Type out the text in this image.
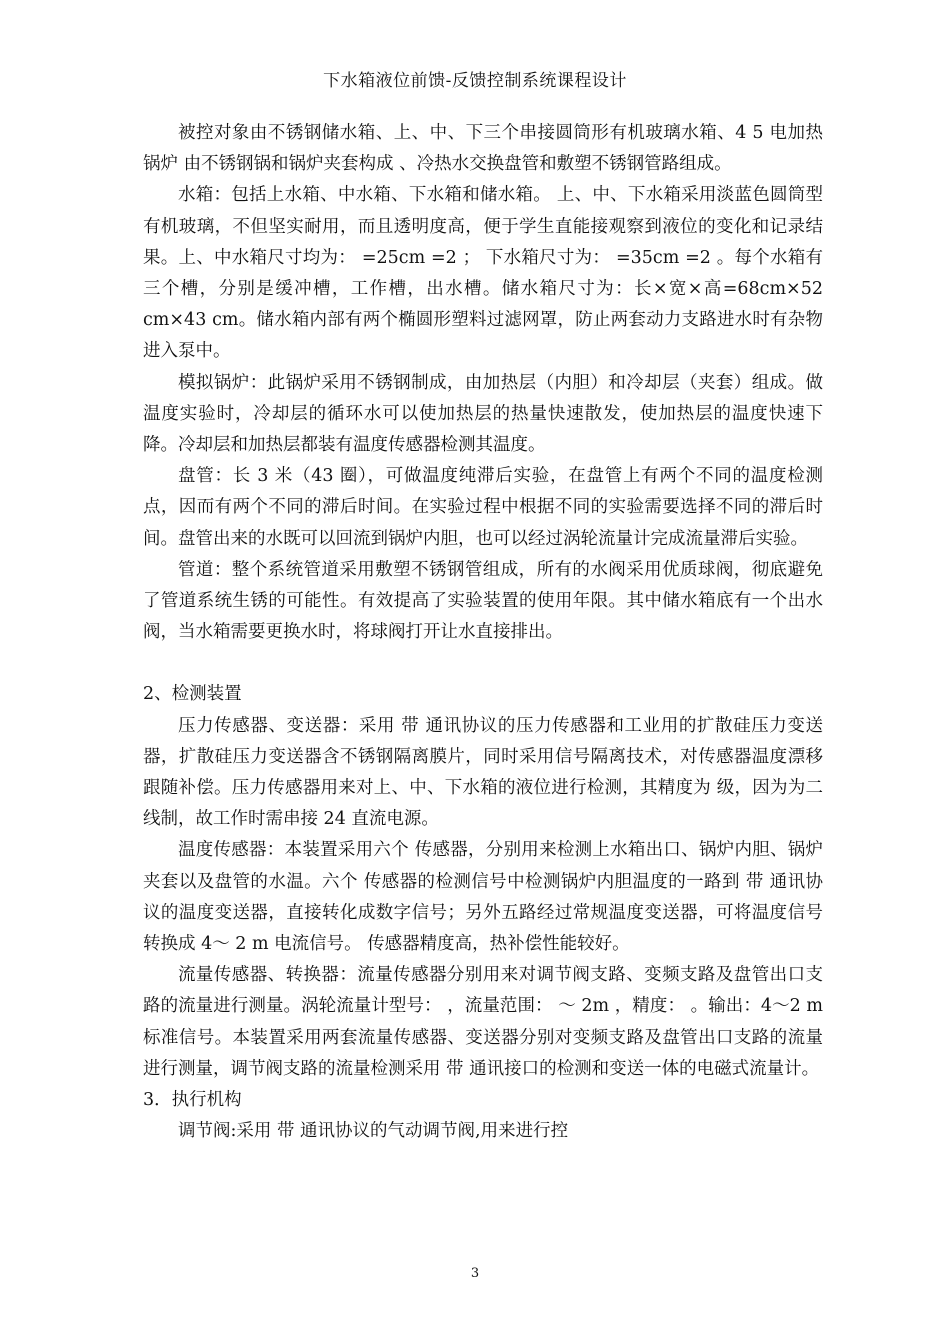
下水箱液位前馈-反馈控制系统课程设计

被控对象由不锈钢储水箱、上、中、下三个串接圆筒形有机玻璃水箱、4 5 电加热锅炉 由不锈钢锅和锅炉夹套构成 、冷热水交换盘管和敷塑不锈钢管路组成。

水箱：包括上水箱、中水箱、下水箱和储水箱。 上、中、下水箱采用淡蓝色圆筒型有机玻璃，不但坚实耐用，而且透明度高，便于学生直能接观察到液位的变化和记录结果。上、中水箱尺寸均为： =25cm =2 ； 下水箱尺寸为： =35cm =2 。每个水箱有三个槽，分别是缓冲槽，工作槽，出水槽。储水箱尺寸为：长×宽×高=68cm×52 cm×43 cm。储水箱内部有两个椭圆形塑料过滤网罩，防止两套动力支路进水时有杂物进入泵中。

模拟锅炉：此锅炉采用不锈钢制成，由加热层（内胆）和冷却层（夹套）组成。做温度实验时，冷却层的循环水可以使加热层的热量快速散发，使加热层的温度快速下降。冷却层和加热层都装有温度传感器检测其温度。

盘管：长 3 米（43 圈），可做温度纯滞后实验，在盘管上有两个不同的温度检测点，因而有两个不同的滞后时间。在实验过程中根据不同的实验需要选择不同的滞后时间。盘管出来的水既可以回流到锅炉内胆，也可以经过涡轮流量计完成流量滞后实验。

管道：整个系统管道采用敷塑不锈钢管组成，所有的水阀采用优质球阀，彻底避免了管道系统生锈的可能性。有效提高了实验装置的使用年限。其中储水箱底有一个出水阀，当水箱需要更换水时，将球阀打开让水直接排出。

2、检测装置

压力传感器、变送器：采用 带 通讯协议的压力传感器和工业用的扩散硅压力变送器，扩散硅压力变送器含不锈钢隔离膜片，同时采用信号隔离技术，对传感器温度漂移跟随补偿。压力传感器用来对上、中、下水箱的液位进行检测，其精度为 级，因为为二线制，故工作时需串接 24 直流电源。

温度传感器：本装置采用六个 传感器，分别用来检测上水箱出口、锅炉内胆、锅炉夹套以及盘管的水温。六个 传感器的检测信号中检测锅炉内胆温度的一路到 带 通讯协议的温度变送器，直接转化成数字信号；另外五路经过常规温度变送器，可将温度信号转换成 4～ 2 m 电流信号。 传感器精度高，热补偿性能较好。

流量传感器、转换器：流量传感器分别用来对调节阀支路、变频支路及盘管出口支路的流量进行测量。涡轮流量计型号： ，流量范围： ～ 2m ，精度： 。输出：4～2 m 标准信号。本装置采用两套流量传感器、变送器分别对变频支路及盘管出口支路的流量进行测量，调节阀支路的流量检测采用 带 通讯接口的检测和变送一体的电磁式流量计。

3．执行机构

调节阀:采用 带 通讯协议的气动调节阀,用来进行控

3
